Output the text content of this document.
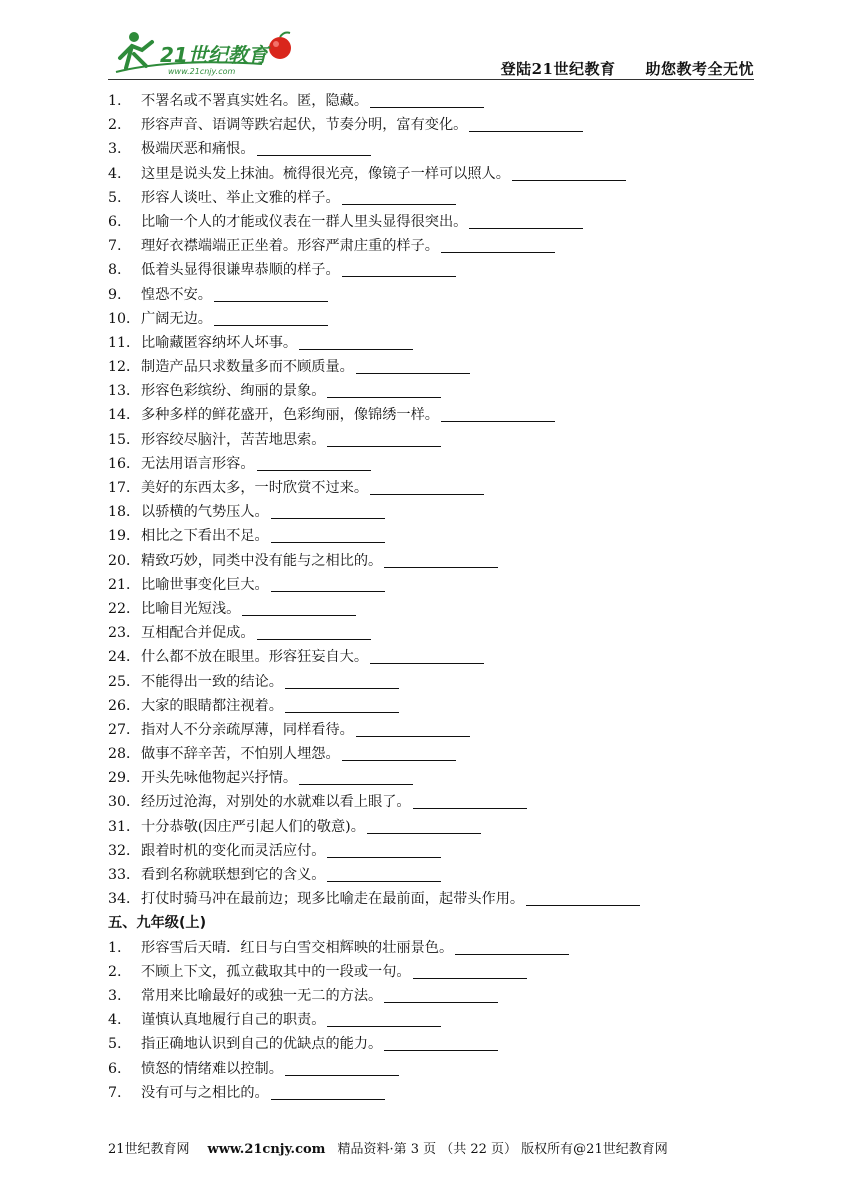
21世纪教育
www.21cnjy.com	登陆21世纪教育 助您教考全无忧
1. 不署名或不署真实姓名。匿，隐藏。
2. 形容声音、语调等跌宕起伏，节奏分明，富有变化。
3. 极端厌恶和痛恨。
4. 这里是说头发上抹油。梳得很光亮，像镜子一样可以照人。
5. 形容人谈吐、举止文雅的样子。
6. 比喻一个人的才能或仪表在一群人里头显得很突出。
7. 理好衣襟端端正正坐着。形容严肃庄重的样子。
8. 低着头显得很谦卑恭顺的样子。
9. 惶恐不安。
10．广阔无边。
11．比喻藏匿容纳坏人坏事。
12．制造产品只求数量多而不顾质量。
13．形容色彩缤纷、绚丽的景象。
14．多种多样的鲜花盛开，色彩绚丽，像锦绣一样。
15．形容绞尽脑汁，苦苦地思索。
16．无法用语言形容。
17．美好的东西太多，一时欣赏不过来。
18．以骄横的气势压人。
19．相比之下看出不足。
20．精致巧妙，同类中没有能与之相比的。
21．比喻世事变化巨大。
22．比喻目光短浅。
23．互相配合并促成。
24．什么都不放在眼里。形容狂妄自大。
25．不能得出一致的结论。
26．大家的眼睛都注视着。
27．指对人不分亲疏厚薄，同样看待。
28．做事不辞辛苦，不怕别人埋怨。
29．开头先咏他物起兴抒情。
30．经历过沧海，对别处的水就难以看上眼了。
31．十分恭敬(因庄严引起人们的敬意)。
32．跟着时机的变化而灵活应付。
33．看到名称就联想到它的含义。
34．打仗时骑马冲在最前边；现多比喻走在最前面，起带头作用。
五、九年级(上)
1. 形容雪后天晴．红日与白雪交相辉映的壮丽景色。
2. 不顾上下文，孤立截取其中的一段或一句。
3. 常用来比喻最好的或独一无二的方法。
4. 谨慎认真地履行自己的职责。
5. 指正确地认识到自己的优缺点的能力。
6. 愤怒的情绪难以控制。
7. 没有可与之相比的。
21世纪教育网 www.21cnjy.com 精品资料·第 3 页 （共 22 页） 版权所有@21世纪教育网
